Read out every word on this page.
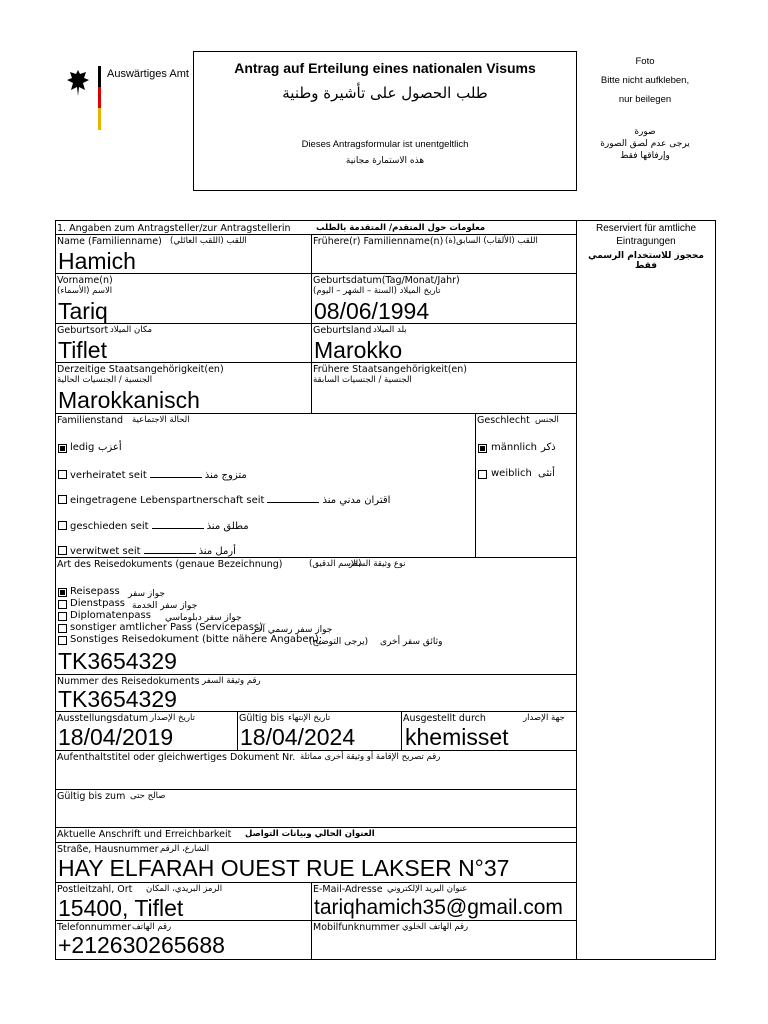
Auswärtiges Amt	Antrag auf Erteilung eines nationalen Visums
طلب الحصول على تأشيرة وطنية
Dieses Antragsformular ist unentgeltlich
هذه الاستمارة مجانية
Foto
Bitte nicht aufkleben,
nur beilegen
صورة
يرجى عدم لصق الصورة
وإرفاقها فقط
Reserviert für amtliche Eintragungen
محجوز للاستخدام الرسمي فقط
1. Angaben zum Antragsteller/zur Antragstellerin	معلومات حول المتقدم/ المتقدمة بالطلب
Name (Familienname) اللقب (اللقب العائلي)
Hamich
Frühere(r) Familienname(n) اللقب (الألقاب) السابق(ة)
Vorname(n)
الاسم (الأسماء)
Tariq
Geburtsdatum(Tag/Monat/Jahr)
تاريخ الميلاد (السنة – الشهر – اليوم)
08/06/1994
Geburtsort مكان الميلاد
Tiflet
Geburtsland بلد الميلاد
Marokko
Derzeitige Staatsangehörigkeit(en)
الجنسية / الجنسيات الحالية
Marokkanisch
Frühere Staatsangehörigkeit(en)
الجنسية / الجنسيات السابقة
Familienstand الحالة الاجتماعية
ledig أعزب
verheiratet seit	متزوج منذ
eingetragene Lebenspartnerschaft seit	اقتران مدني منذ
geschieden seit	مطلق منذ
verwitwet seit	أرمل منذ
Geschlecht الجنس
männlich ذكر
weiblich أنثى
Art des Reisedokuments (genaue Bezeichnung)	(الاسم الدقيق)
نوع وثيقة السفر
Reisepass جواز سفر
Dienstpass جواز سفر الخدمة
Diplomatenpass جواز سفر دبلوماسي
sonstiger amtlicher Pass (Servicepass)
جواز سفر رسمي آخر
Sonstiges Reisedokument (bitte nähere Angaben):
(يرجى التوضيح) وثائق سفر أخرى
TK3654329
Nummer des Reisedokuments رقم وثيقة السفر
TK3654329
Ausstellungsdatum تاريخ الإصدار
18/04/2019
Gültig bis تاريخ الإنتهاء
18/04/2024
Ausgestellt durch	جهة الإصدار
khemisset
Aufenthaltstitel oder gleichwertiges Dokument Nr. رقم تصريح الإقامة أو وثيقة أخرى مماثلة
Gültig bis zum صالح حتى
Aktuelle Anschrift und Erreichbarkeit العنوان الحالي وبيانات التواصل
Straße, Hausnummer الشارع، الرقم
HAY ELFARAH OUEST RUE LAKSER N°37
Postleitzahl, Ort الرمز البريدي، المكان
15400, Tiflet
E-Mail-Adresse عنوان البريد الإلكتروني
tariqhamich35@gmail.com
Telefonnummer رقم الهاتف
+212630265688
Mobilfunknummer رقم الهاتف الخلوي
